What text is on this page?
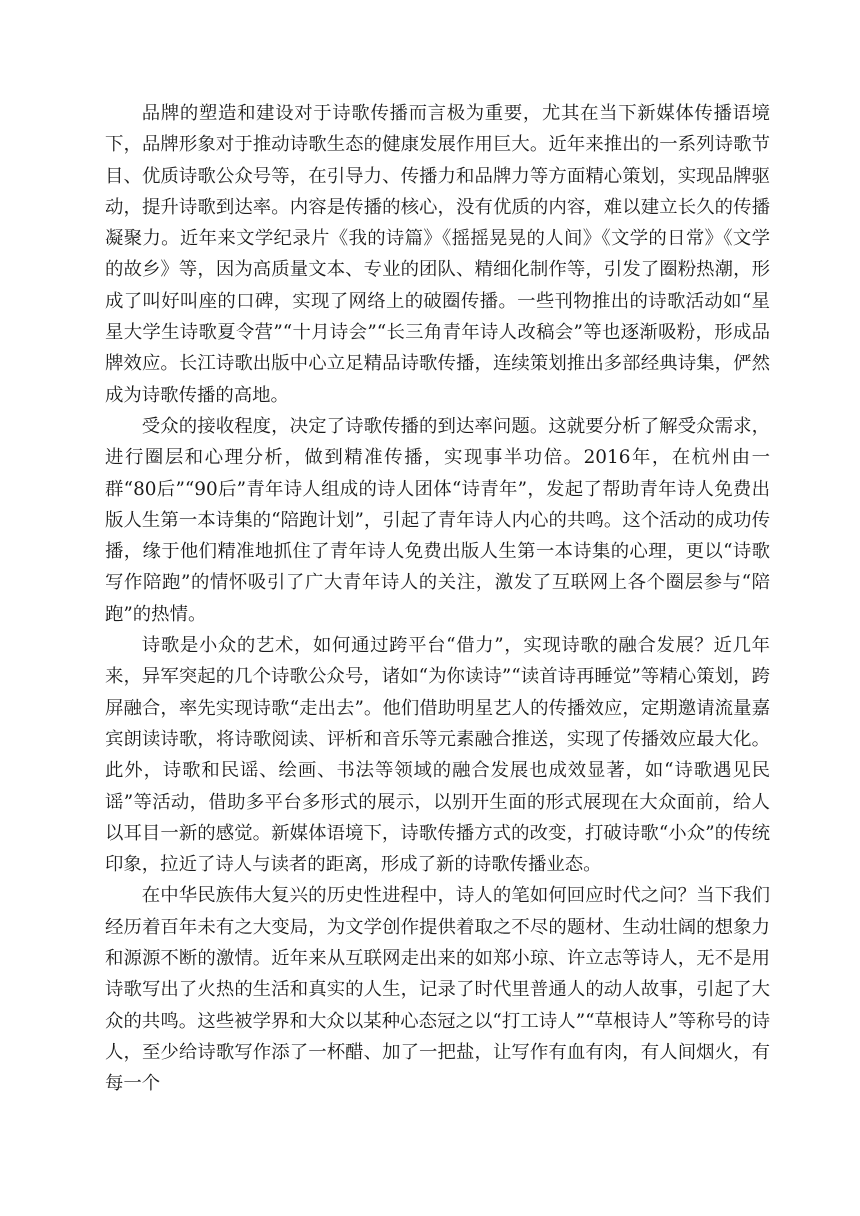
品牌的塑造和建设对于诗歌传播而言极为重要，尤其在当下新媒体传播语境下，品牌形象对于推动诗歌生态的健康发展作用巨大。近年来推出的一系列诗歌节目、优质诗歌公众号等，在引导力、传播力和品牌力等方面精心策划，实现品牌驱动，提升诗歌到达率。内容是传播的核心，没有优质的内容，难以建立长久的传播凝聚力。近年来文学纪录片《我的诗篇》《摇摇晃晃的人间》《文学的日常》《文学的故乡》等，因为高质量文本、专业的团队、精细化制作等，引发了圈粉热潮，形成了叫好叫座的口碑，实现了网络上的破圈传播。一些刊物推出的诗歌活动如“星星大学生诗歌夏令营”“十月诗会”“长三角青年诗人改稿会”等也逐渐吸粉，形成品牌效应。长江诗歌出版中心立足精品诗歌传播，连续策划推出多部经典诗集，俨然成为诗歌传播的高地。

受众的接收程度，决定了诗歌传播的到达率问题。这就要分析了解受众需求，进行圈层和心理分析，做到精准传播，实现事半功倍。2016年，在杭州由一群“80后”“90后”青年诗人组成的诗人团体“诗青年”，发起了帮助青年诗人免费出版人生第一本诗集的“陪跑计划”，引起了青年诗人内心的共鸣。这个活动的成功传播，缘于他们精准地抓住了青年诗人免费出版人生第一本诗集的心理，更以“诗歌写作陪跑”的情怀吸引了广大青年诗人的关注，激发了互联网上各个圈层参与“陪跑”的热情。

诗歌是小众的艺术，如何通过跨平台“借力”，实现诗歌的融合发展？近几年来，异军突起的几个诗歌公众号，诸如“为你读诗”“读首诗再睡觉”等精心策划，跨屏融合，率先实现诗歌“走出去”。他们借助明星艺人的传播效应，定期邀请流量嘉宾朗读诗歌，将诗歌阅读、评析和音乐等元素融合推送，实现了传播效应最大化。此外，诗歌和民谣、绘画、书法等领域的融合发展也成效显著，如“诗歌遇见民谣”等活动，借助多平台多形式的展示，以别开生面的形式展现在大众面前，给人以耳目一新的感觉。新媒体语境下，诗歌传播方式的改变，打破诗歌“小众”的传统印象，拉近了诗人与读者的距离，形成了新的诗歌传播业态。

在中华民族伟大复兴的历史性进程中，诗人的笔如何回应时代之问？当下我们经历着百年未有之大变局，为文学创作提供着取之不尽的题材、生动壮阔的想象力和源源不断的激情。近年来从互联网走出来的如郑小琼、许立志等诗人，无不是用诗歌写出了火热的生活和真实的人生，记录了时代里普通人的动人故事，引起了大众的共鸣。这些被学界和大众以某种心态冠之以“打工诗人”“草根诗人”等称号的诗人，至少给诗歌写作添了一杯醋、加了一把盐，让写作有血有肉，有人间烟火，有每一个
